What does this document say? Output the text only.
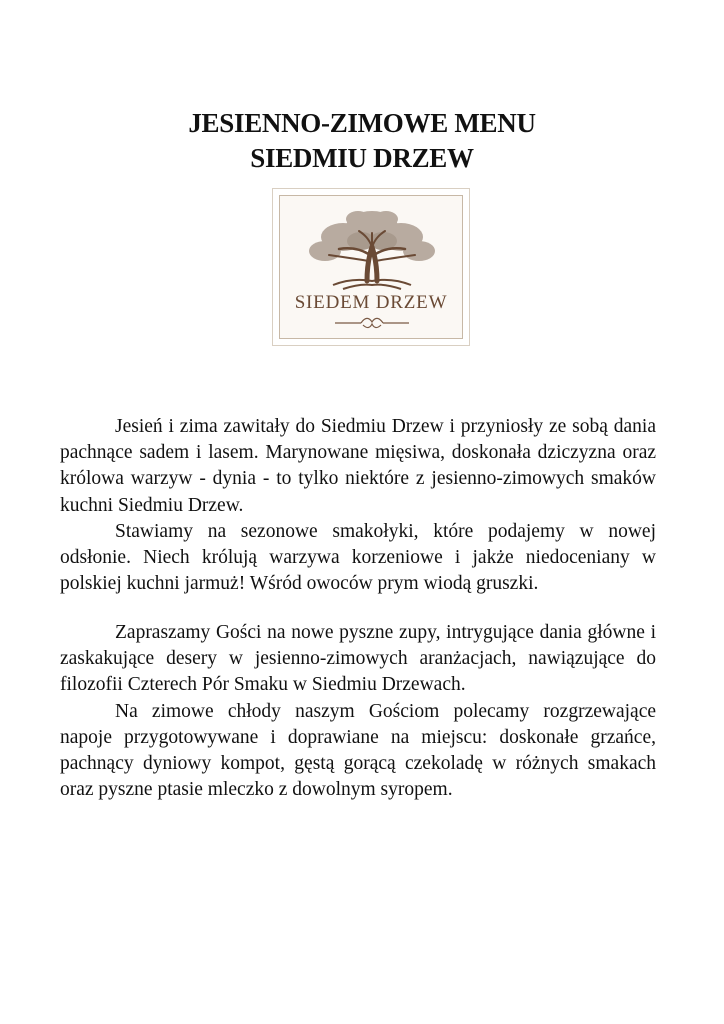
JESIENNO-ZIMOWE MENU
SIEDMIU DRZEW
SIEDEM DRZEW

Jesień i zima zawitały do Siedmiu Drzew i przyniosły ze sobą dania pachnące sadem i lasem. Marynowane mięsiwa, doskonała dziczyzna oraz królowa warzyw - dynia - to tylko niektóre z jesienno-zimowych smaków kuchni Siedmiu Drzew.

Stawiamy na sezonowe smakołyki, które podajemy w nowej odsłonie. Niech królują warzywa korzeniowe i jakże niedoceniany w polskiej kuchni jarmuż! Wśród owoców prym wiodą gruszki.

Zapraszamy Gości na nowe pyszne zupy, intrygujące dania główne i zaskakujące desery w jesienno-zimowych aranżacjach, nawiązujące do filozofii Czterech Pór Smaku w Siedmiu Drzewach.

Na zimowe chłody naszym Gościom polecamy rozgrzewające napoje przygotowywane i doprawiane na miejscu: doskonałe grzańce, pachnący dyniowy kompot, gęstą gorącą czekoladę w różnych smakach oraz pyszne ptasie mleczko z dowolnym syropem.
